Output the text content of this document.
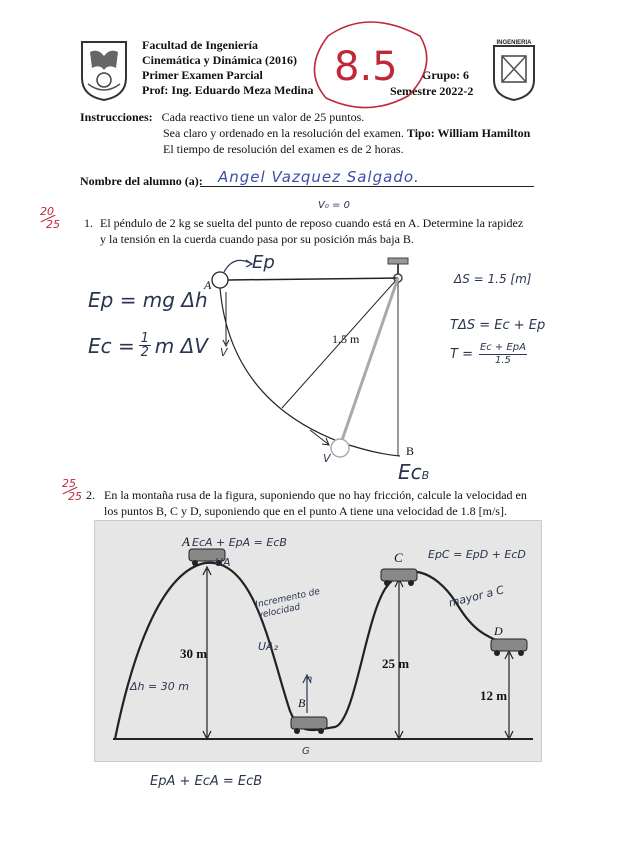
Facultad de Ingeniería
Cinemática y Dinámica (2016)
Primer Examen Parcial
Prof: Ing. Eduardo Meza Medina
Grupo: 6
Semestre 2022-2
INGENIERIA
8.5
Instrucciones: Cada reactivo tiene un valor de 25 puntos.
Sea claro y ordenado en la resolución del examen. Tipo: William Hamilton
El tiempo de resolución del examen es de 2 horas.
Nombre del alumno (a): Angel Vazquez Salgado.
20
25 1. El péndulo de 2 kg se suelta del punto de reposo cuando está en A. Determine la rapidez
y la tensión en la cuerda cuando pasa por su posición más baja B.
V₀ = 0
A
B
1.5 m
Ep
V
V
EcB
Ep = mg Δh
Ec = 1
2 m ΔV
ΔS = 1.5 [m]
TΔS = Ec + Ep
T = Ec + EpA
1.5
25
25 2. En la montaña rusa de la figura, suponiendo que no hay fricción, calcule la velocidad en
los puntos B, C y D, suponiendo que en el punto A tiene una velocidad de 1.8 [m/s].
A
B
C
D
30 m
25 m
12 m
EcA + EpA = EcB
UA
EpC = EpD + EcD
Incremento de velocidad
UA₂
Δh = 30 m
n
G
mayor a C
EpA + EcA = EcB
